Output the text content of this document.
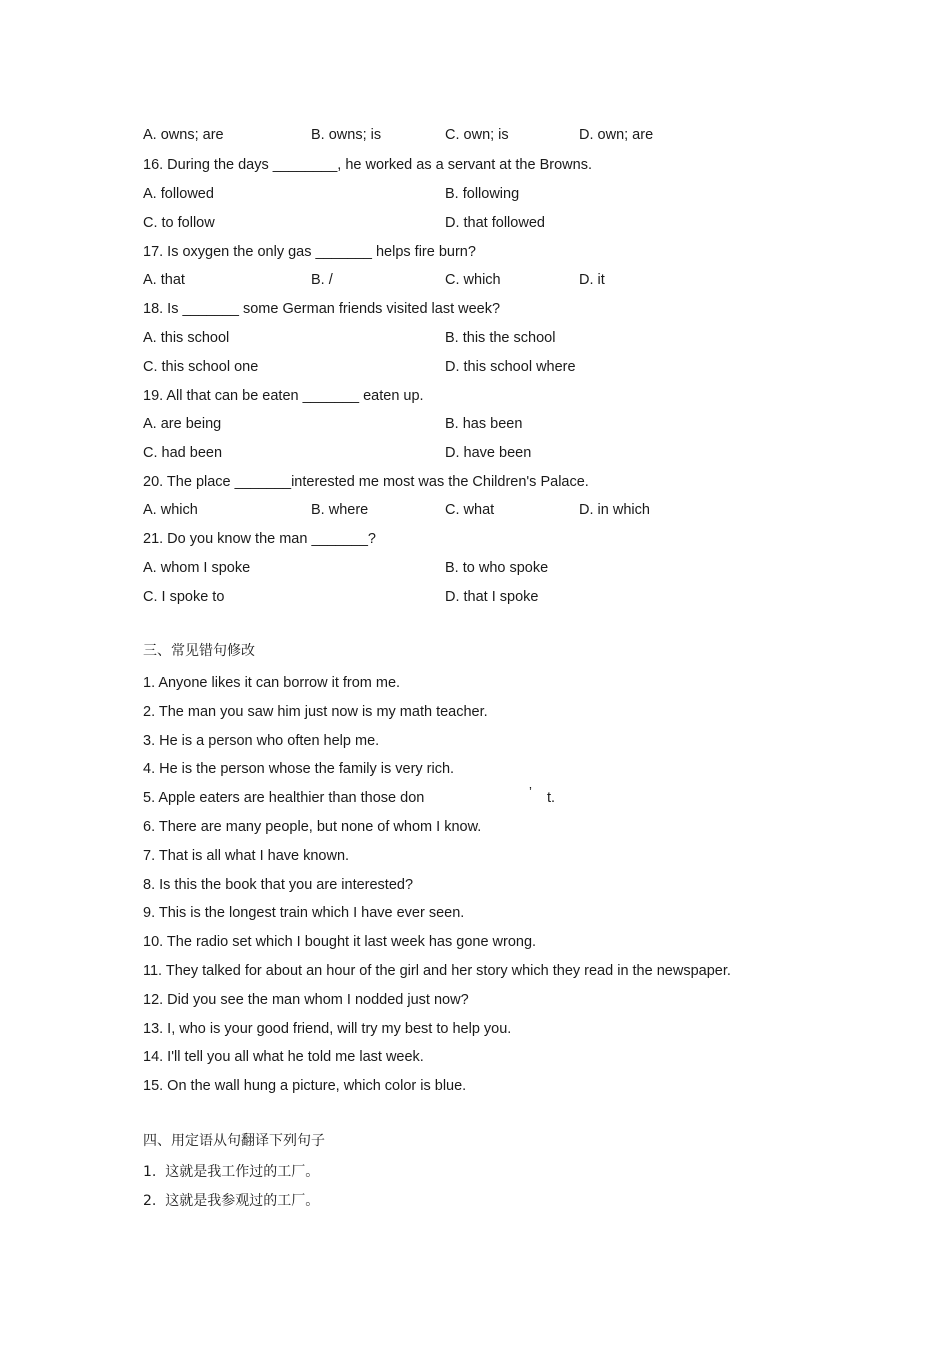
A. owns; are	B. owns; is	C. own; is	D. own; are
16. During the days ________, he worked as a servant at the Browns.
A. followed	B. following
C. to follow	D. that followed
17. Is oxygen the only gas _______ helps fire burn?
A. that	B. /	C. which	D. it
18. Is _______ some German friends visited last week?
A. this school	B. this the school
C. this school one	D. this school where
19. All that can be eaten _______ eaten up.
A. are being	B. has been
C. had been	D. have been
20. The place _______interested me most was the Children's Palace.
A. which	B. where	C. what	D. in which
21. Do you know the man _______?
A. whom I spoke	B. to who spoke
C. I spoke to	D. that I spoke
三、常见错句修改
1. Anyone likes it can borrow it from me.
2. The man you saw him just now is my math teacher.
3. He is a person who often help me.
4. He is the person whose the family is very rich.
5. Apple eaters are healthier than those don	’ t.
6. There are many people, but none of whom I know.
7. That is all what I have known.
8. Is this the book that you are interested?
9. This is the longest train which I have ever seen.
10. The radio set which I bought it last week has gone wrong.
11. They talked for about an hour of the girl and her story which they read in the newspaper.
12. Did you see the man whom I nodded just now?
13. I, who is your good friend, will try my best to help you.
14. I'll tell you all what he told me last week.
15. On the wall hung a picture, which color is blue.
四、用定语从句翻译下列句子
1.  这就是我工作过的工厂。
2.  这就是我参观过的工厂。
